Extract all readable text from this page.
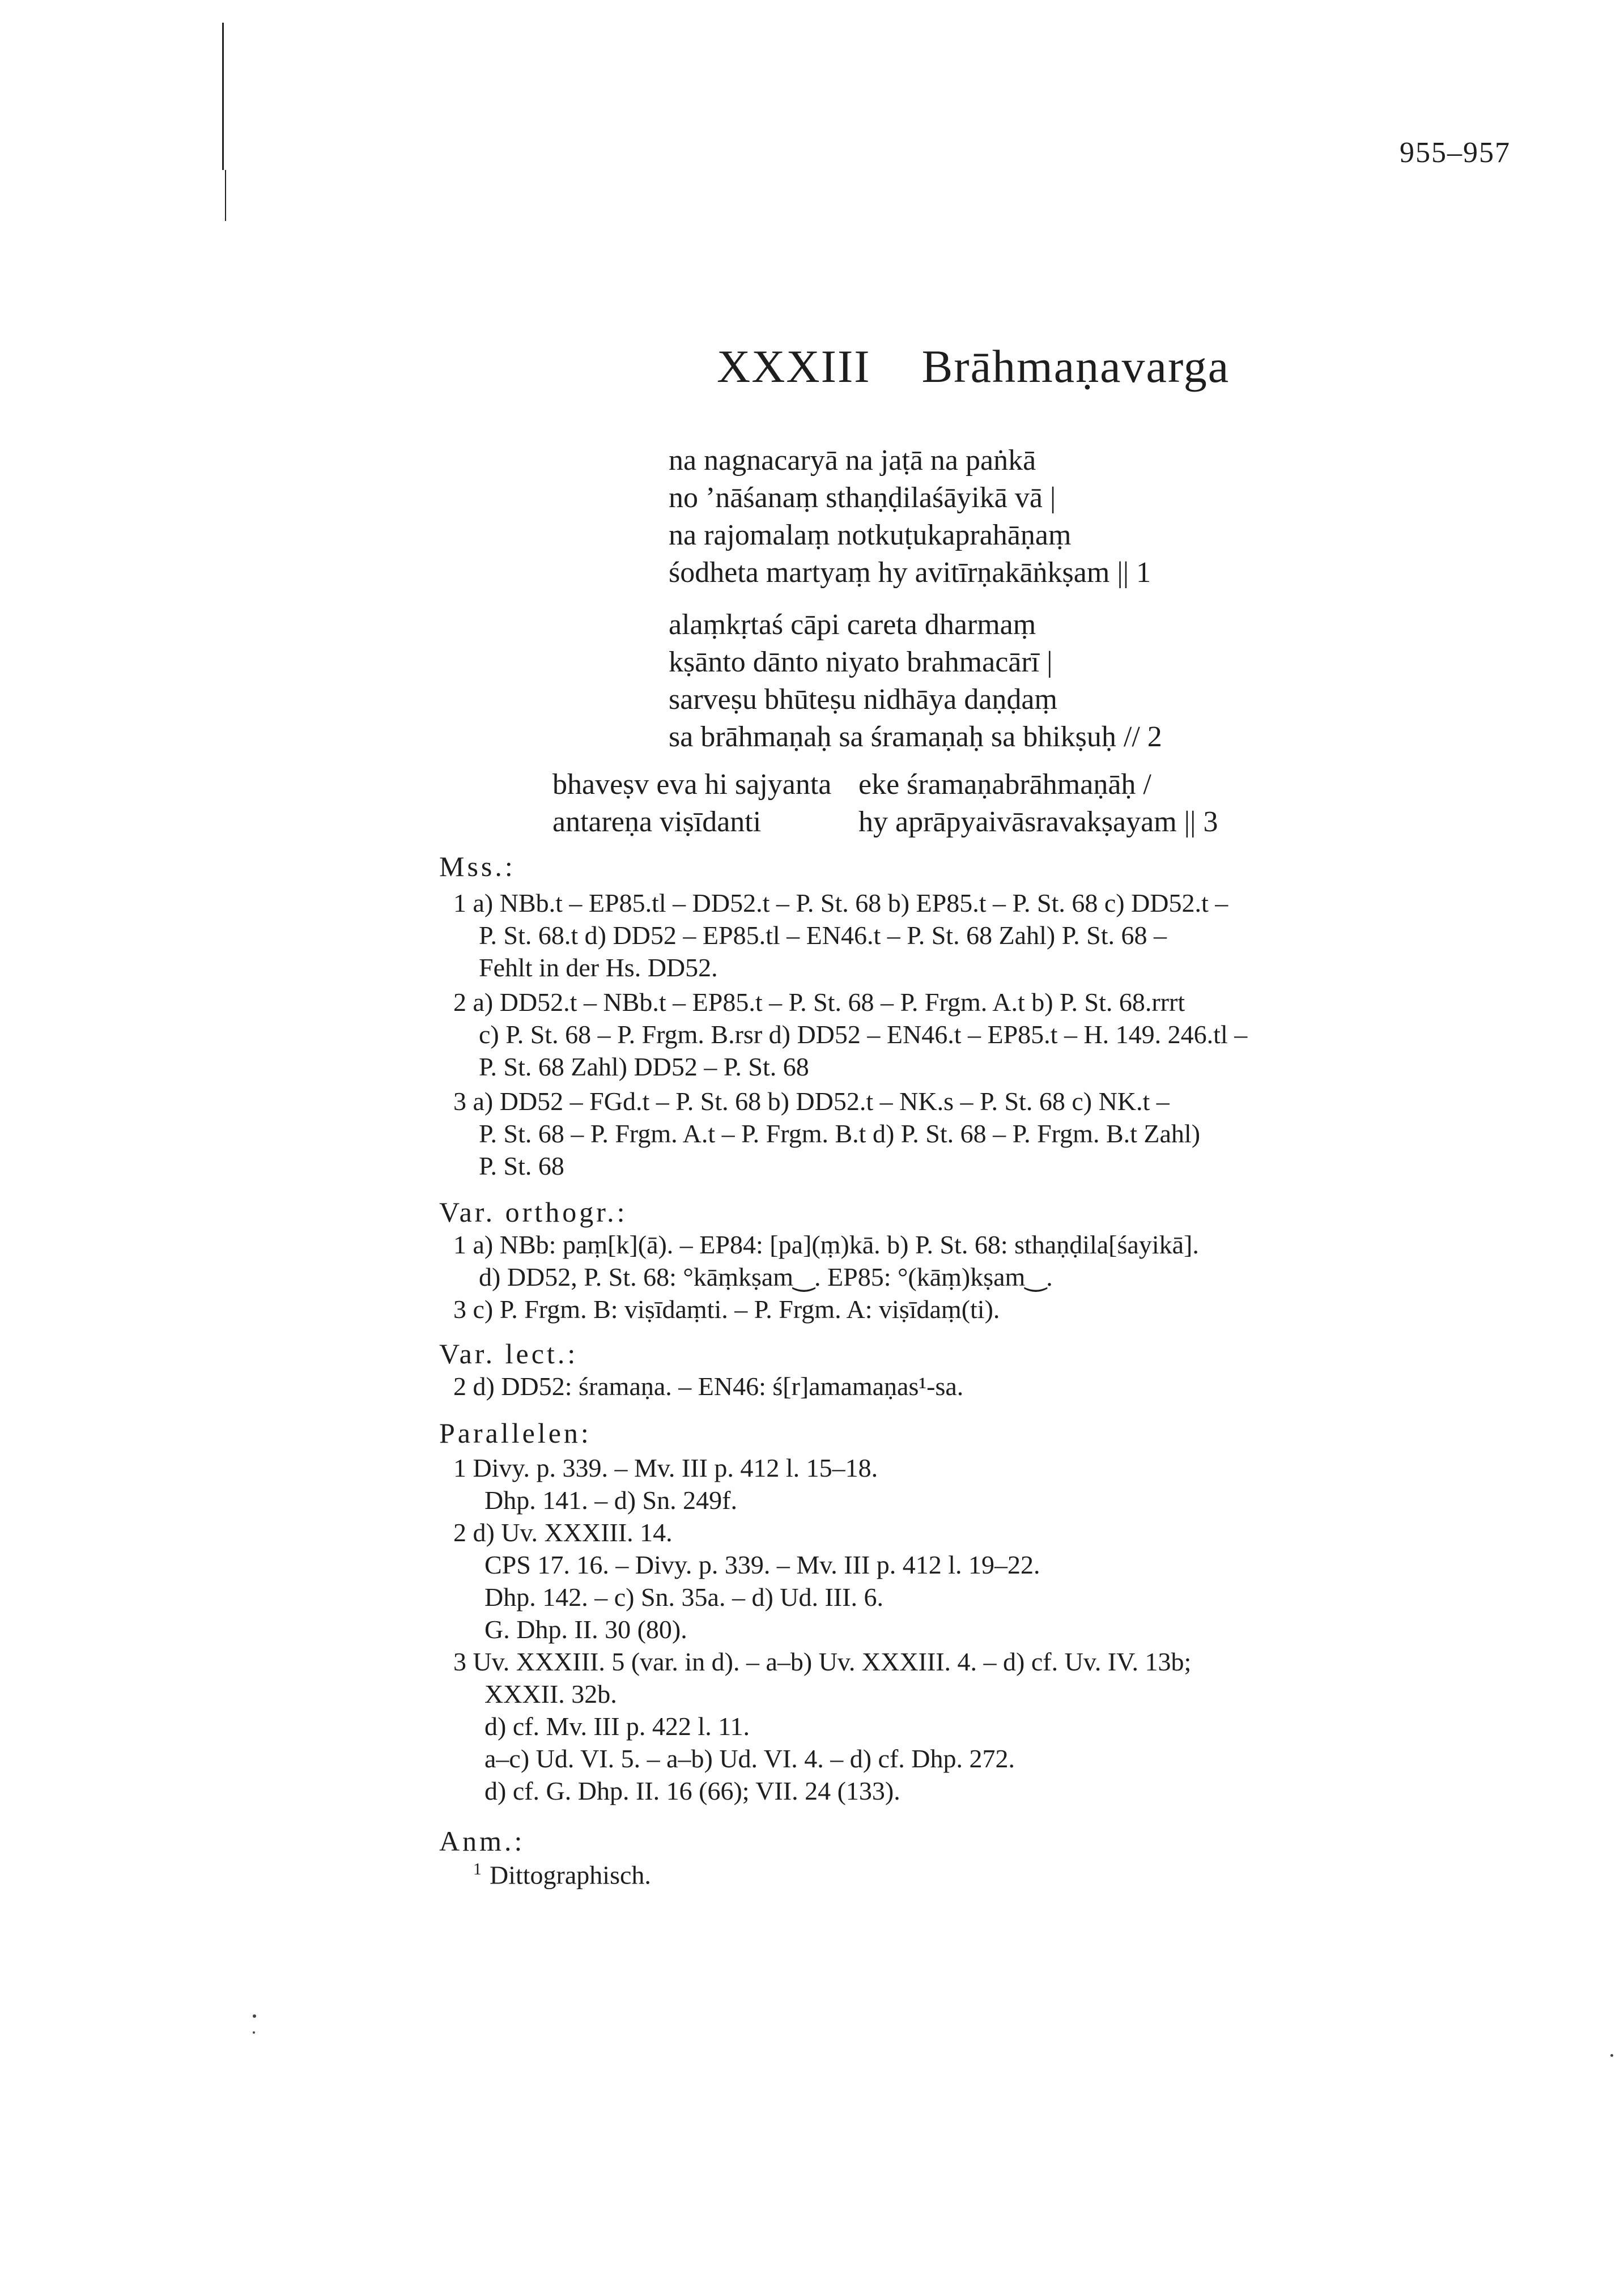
955–957
XXXIII Brāhmaṇavarga
na nagnacaryā na jaṭā na paṅkā
no ’nāśanaṃ sthaṇḍilaśāyikā vā |
na rajomalaṃ notkuṭukaprahāṇaṃ
śodheta martyaṃ hy avitīrṇakāṅkṣam || 1
alaṃkṛtaś cāpi careta dharmaṃ
kṣānto dānto niyato brahmacārī |
sarveṣu bhūteṣu nidhāya daṇḍaṃ
sa brāhmaṇaḥ sa śramaṇaḥ sa bhikṣuḥ // 2
bhaveṣv eva hi sajyanta eke śramaṇabrāhmaṇāḥ /
antareṇa viṣīdanti	hy aprāpyaivāsravakṣayam || 3
Mss.:
1 a) NBb.t – EP85.tl – DD52.t – P. St. 68 b) EP85.t – P. St. 68 c) DD52.t –
P. St. 68.t d) DD52 – EP85.tl – EN46.t – P. St. 68 Zahl) P. St. 68 –
Fehlt in der Hs. DD52.
2 a) DD52.t – NBb.t – EP85.t – P. St. 68 – P. Frgm. A.t b) P. St. 68.rrrt
c) P. St. 68 – P. Frgm. B.rsr d) DD52 – EN46.t – EP85.t – H. 149. 246.tl –
P. St. 68 Zahl) DD52 – P. St. 68
3 a) DD52 – FGd.t – P. St. 68 b) DD52.t – NK.s – P. St. 68 c) NK.t –
P. St. 68 – P. Frgm. A.t – P. Frgm. B.t d) P. St. 68 – P. Frgm. B.t Zahl)
P. St. 68
Var. orthogr.:
1 a) NBb: paṃ[k](ā). – EP84: [pa](ṃ)kā. b) P. St. 68: sthaṇḍila[śayikā].
d) DD52, P. St. 68: °kāṃkṣam‿. EP85: °(kāṃ)kṣam‿.
3 c) P. Frgm. B: viṣīdaṃti. – P. Frgm. A: viṣīdaṃ(ti).
Var. lect.:
2 d) DD52: śramaṇa. – EN46: ś[r]amamaṇas¹-sa.
Parallelen:
1 Divy. p. 339. – Mv. III p. 412 l. 15–18.
Dhp. 141. – d) Sn. 249f.
2 d) Uv. XXXIII. 14.
CPS 17. 16. – Divy. p. 339. – Mv. III p. 412 l. 19–22.
Dhp. 142. – c) Sn. 35a. – d) Ud. III. 6.
G. Dhp. II. 30 (80).
3 Uv. XXXIII. 5 (var. in d). – a–b) Uv. XXXIII. 4. – d) cf. Uv. IV. 13b;
XXXII. 32b.
d) cf. Mv. III p. 422 l. 11.
a–c) Ud. VI. 5. – a–b) Ud. VI. 4. – d) cf. Dhp. 272.
d) cf. G. Dhp. II. 16 (66); VII. 24 (133).
Anm.:
$^1$ Dittographisch.
